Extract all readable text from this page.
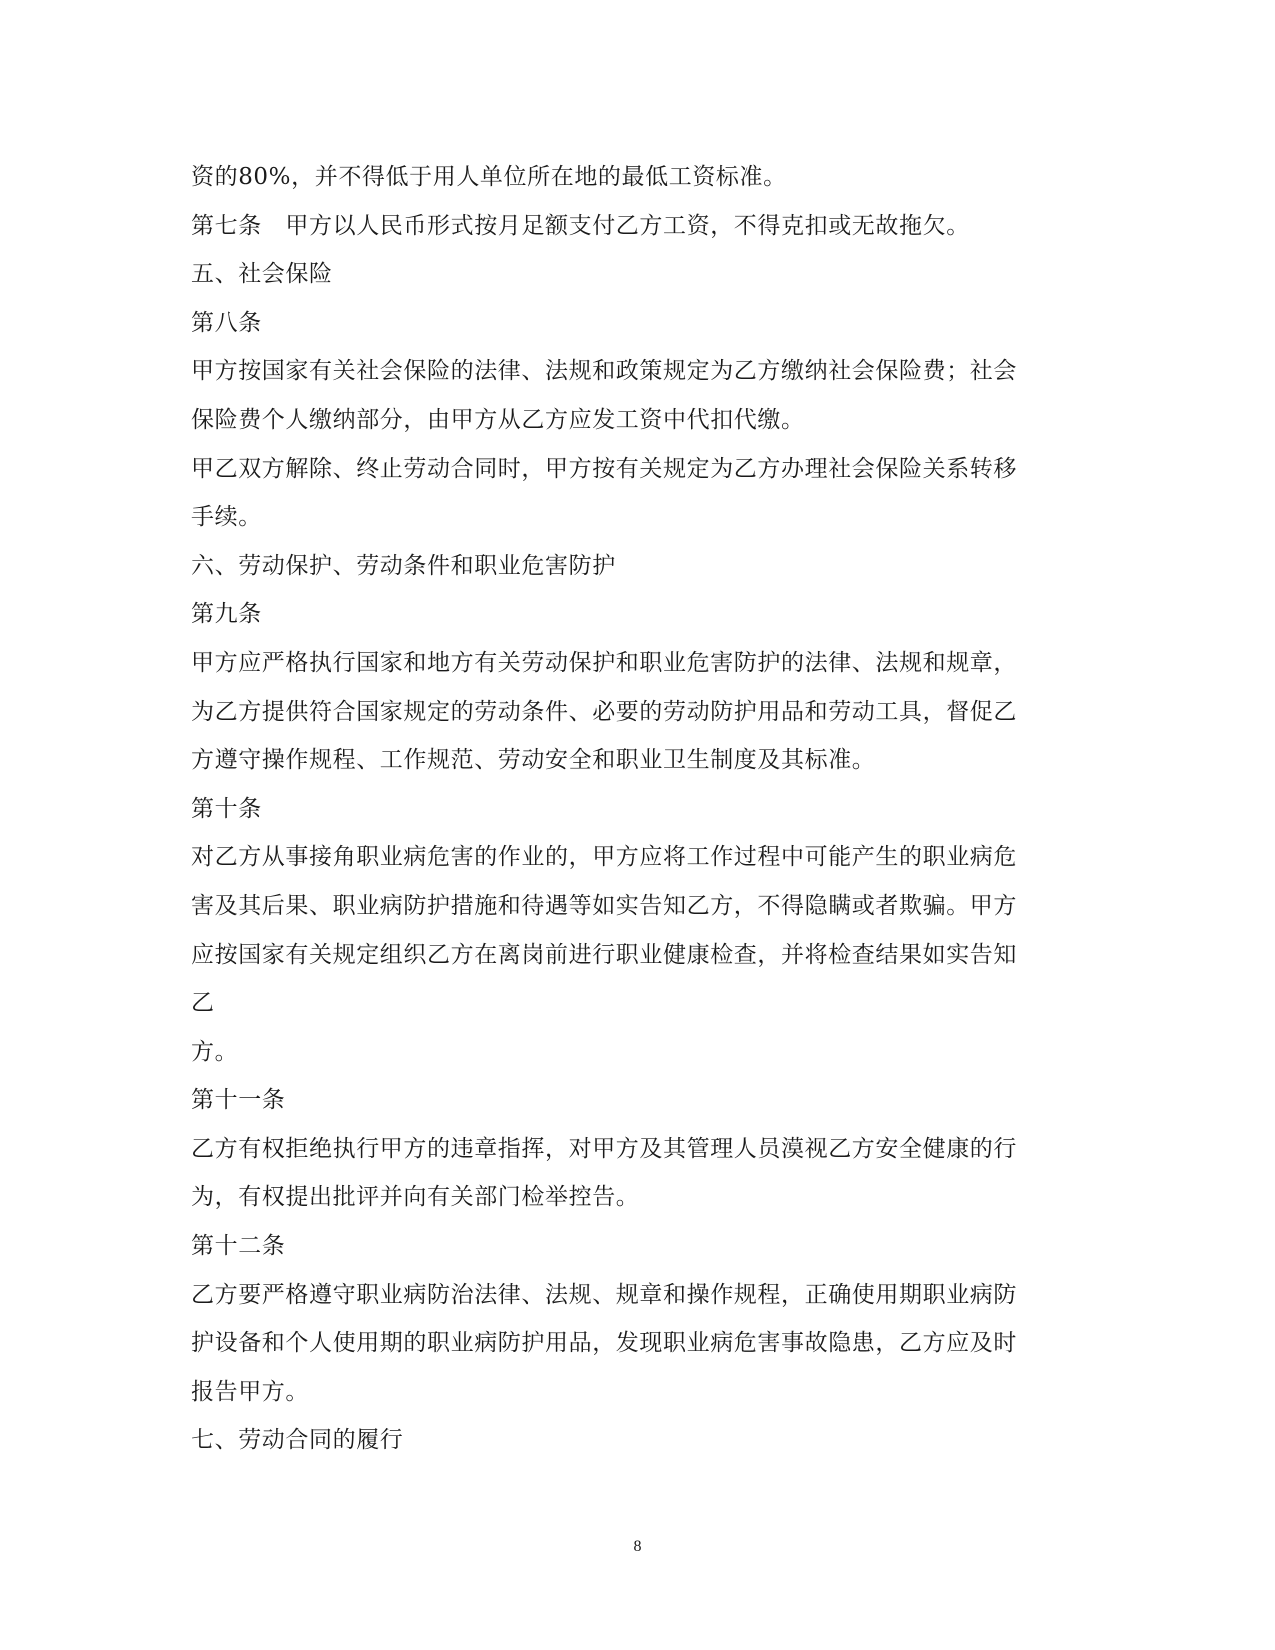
资的80%，并不得低于用人单位所在地的最低工资标准。
第七条　甲方以人民币形式按月足额支付乙方工资，不得克扣或无故拖欠。
五、社会保险
第八条
甲方按国家有关社会保险的法律、法规和政策规定为乙方缴纳社会保险费；社会
保险费个人缴纳部分，由甲方从乙方应发工资中代扣代缴。
甲乙双方解除、终止劳动合同时，甲方按有关规定为乙方办理社会保险关系转移
手续。
六、劳动保护、劳动条件和职业危害防护
第九条
甲方应严格执行国家和地方有关劳动保护和职业危害防护的法律、法规和规章，
为乙方提供符合国家规定的劳动条件、必要的劳动防护用品和劳动工具，督促乙
方遵守操作规程、工作规范、劳动安全和职业卫生制度及其标准。
第十条
对乙方从事接角职业病危害的作业的，甲方应将工作过程中可能产生的职业病危
害及其后果、职业病防护措施和待遇等如实告知乙方，不得隐瞒或者欺骗。甲方
应按国家有关规定组织乙方在离岗前进行职业健康检查，并将检查结果如实告知
乙
方。
第十一条
乙方有权拒绝执行甲方的违章指挥，对甲方及其管理人员漠视乙方安全健康的行
为，有权提出批评并向有关部门检举控告。
第十二条
乙方要严格遵守职业病防治法律、法规、规章和操作规程，正确使用期职业病防
护设备和个人使用期的职业病防护用品，发现职业病危害事故隐患，乙方应及时
报告甲方。
七、劳动合同的履行
8
